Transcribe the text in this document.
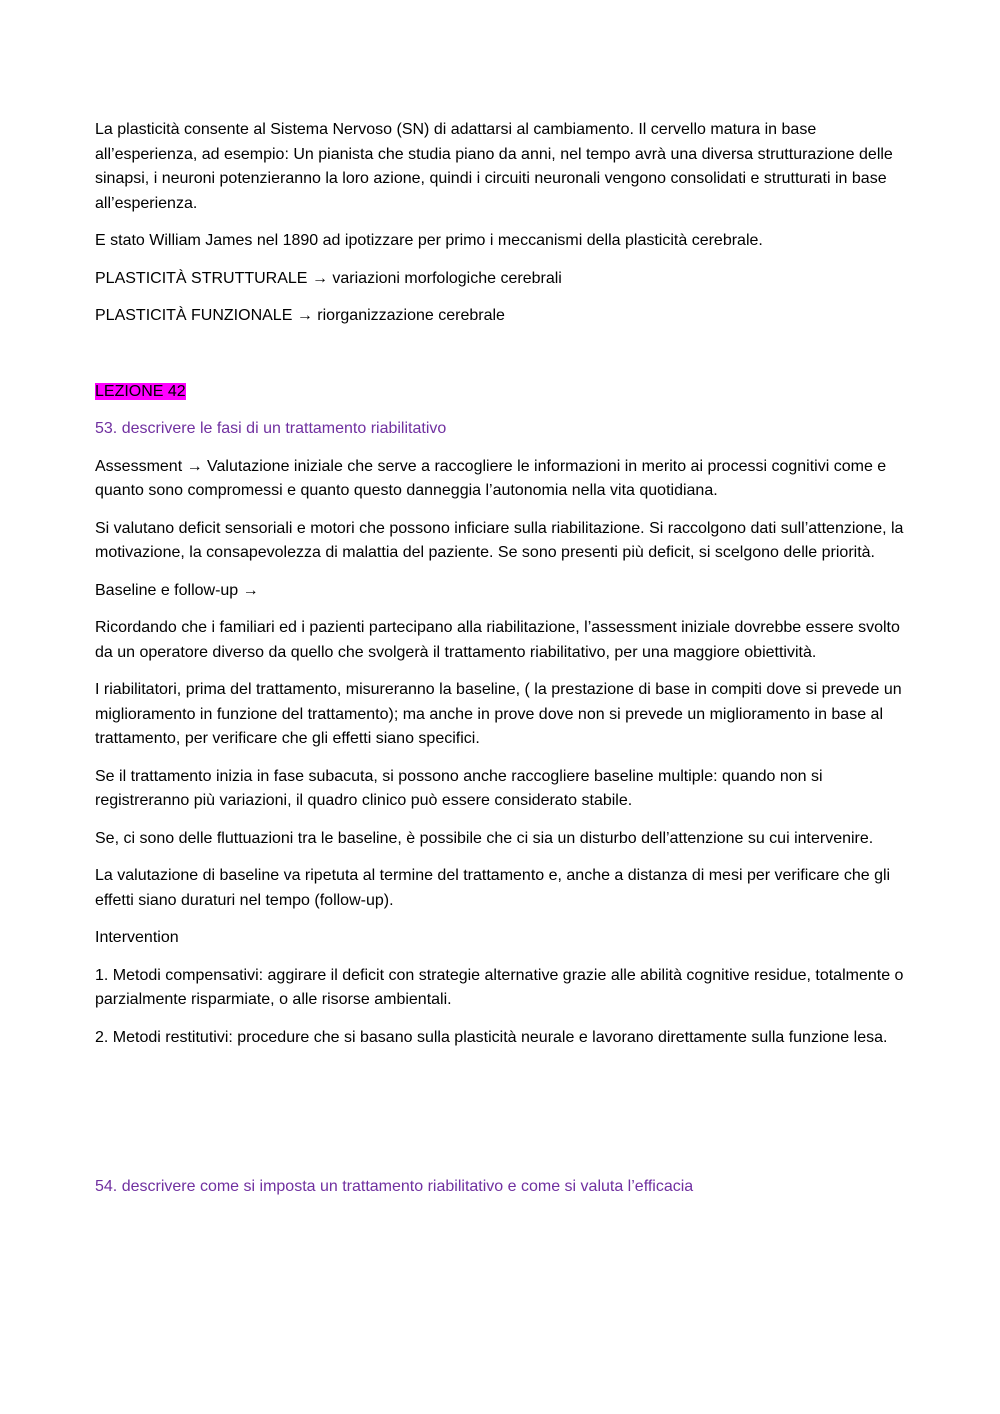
La plasticità consente al Sistema Nervoso (SN) di adattarsi al cambiamento. Il cervello matura in base all’esperienza, ad esempio: Un pianista che studia piano da anni, nel tempo avrà una diversa strutturazione delle sinapsi, i neuroni potenzieranno la loro azione, quindi i circuiti neuronali vengono consolidati e strutturati in base all’esperienza.

E stato William James nel 1890 ad ipotizzare per primo i meccanismi della plasticità cerebrale.

PLASTICITÀ STRUTTURALE → variazioni morfologiche cerebrali

PLASTICITÀ FUNZIONALE → riorganizzazione cerebrale

LEZIONE 42

53. descrivere le fasi di un trattamento riabilitativo

Assessment → Valutazione iniziale che serve a raccogliere le informazioni in merito ai processi cognitivi come e quanto sono compromessi e quanto questo danneggia l’autonomia nella vita quotidiana.

Si valutano deficit sensoriali e motori che possono inficiare sulla riabilitazione. Si raccolgono dati sull’attenzione, la motivazione, la consapevolezza di malattia del paziente. Se sono presenti più deficit, si scelgono delle priorità.

Baseline e follow-up →

Ricordando che i familiari ed i pazienti partecipano alla riabilitazione, l’assessment iniziale dovrebbe essere svolto da un operatore diverso da quello che svolgerà il trattamento riabilitativo, per una maggiore obiettività.

I riabilitatori, prima del trattamento, misureranno la baseline, ( la prestazione di base in compiti dove si prevede un miglioramento in funzione del trattamento); ma anche in prove dove non si prevede un miglioramento in base al trattamento, per verificare che gli effetti siano specifici.

Se il trattamento inizia in fase subacuta, si possono anche raccogliere baseline multiple: quando non si registreranno più variazioni, il quadro clinico può essere considerato stabile.

Se, ci sono delle fluttuazioni tra le baseline, è possibile che ci sia un disturbo dell’attenzione su cui intervenire.

La valutazione di baseline va ripetuta al termine del trattamento e, anche a distanza di mesi per verificare che gli effetti siano duraturi nel tempo (follow-up).

Intervention

1. Metodi compensativi: aggirare il deficit con strategie alternative grazie alle abilità cognitive residue, totalmente o parzialmente risparmiate, o alle risorse ambientali.

2. Metodi restitutivi: procedure che si basano sulla plasticità neurale e lavorano direttamente sulla funzione lesa.

54. descrivere come si imposta un trattamento riabilitativo e come si valuta l’efficacia
